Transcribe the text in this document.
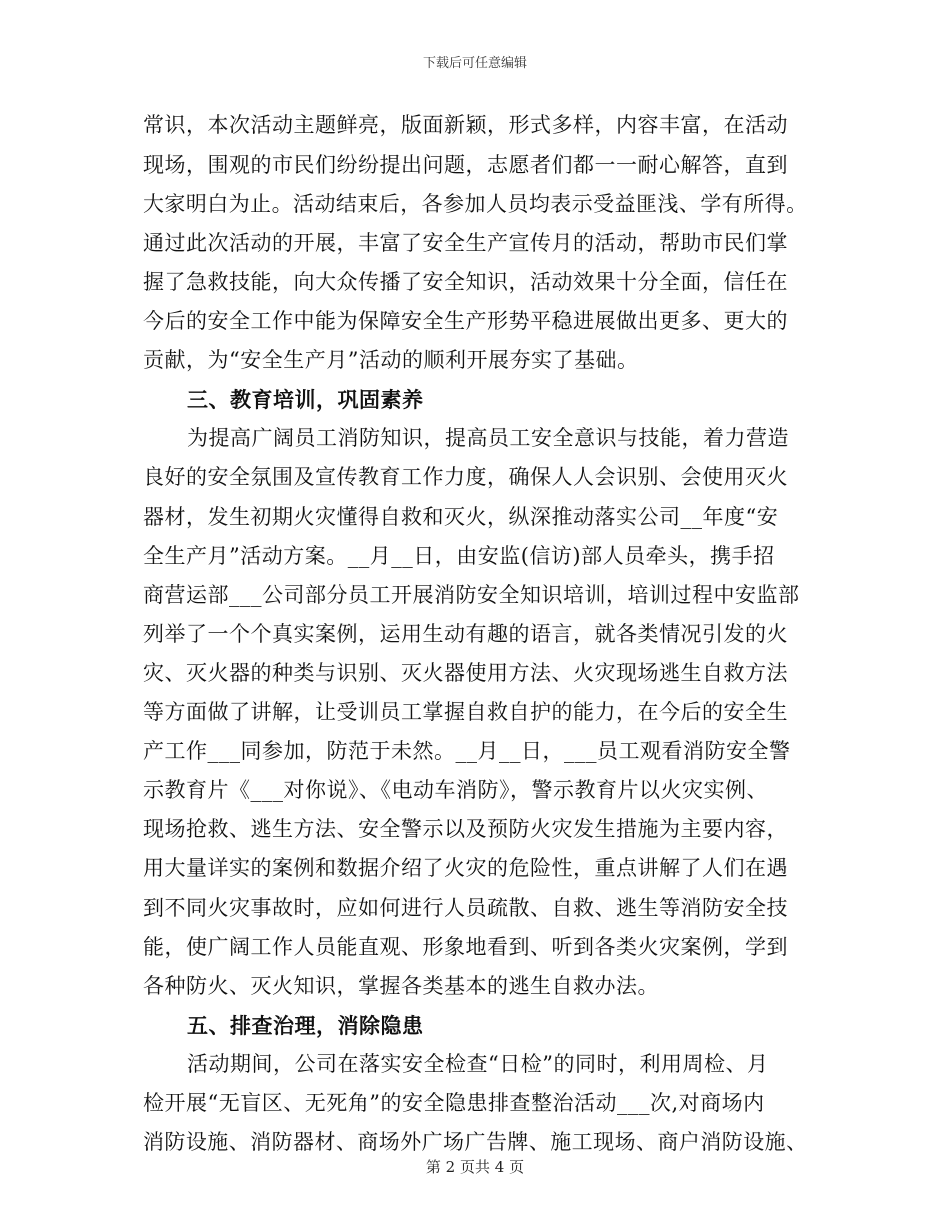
下载后可任意编辑
常识，本次活动主题鲜亮，版面新颖，形式多样，内容丰富，在活动
现场，围观的市民们纷纷提出问题，志愿者们都一一耐心解答，直到
大家明白为止。活动结束后，各参加人员均表示受益匪浅、学有所得。
通过此次活动的开展，丰富了安全生产宣传月的活动，帮助市民们掌
握了急救技能，向大众传播了安全知识，活动效果十分全面，信任在
今后的安全工作中能为保障安全生产形势平稳进展做出更多、更大的
贡献，为“安全生产月”活动的顺利开展夯实了基础。
三、教育培训，巩固素养
为提高广阔员工消防知识，提高员工安全意识与技能，着力营造
良好的安全氛围及宣传教育工作力度，确保人人会识别、会使用灭火
器材，发生初期火灾懂得自救和灭火，纵深推动落实公司__年度“安
全生产月”活动方案。__月__日，由安监(信访)部人员牵头，携手招
商营运部___公司部分员工开展消防安全知识培训，培训过程中安监部
列举了一个个真实案例，运用生动有趣的语言，就各类情况引发的火
灾、灭火器的种类与识别、灭火器使用方法、火灾现场逃生自救方法
等方面做了讲解，让受训员工掌握自救自护的能力，在今后的安全生
产工作___同参加，防范于未然。__月__日，___员工观看消防安全警
示教育片《___对你说》、《电动车消防》，警示教育片以火灾实例、
现场抢救、逃生方法、安全警示以及预防火灾发生措施为主要内容，
用大量详实的案例和数据介绍了火灾的危险性，重点讲解了人们在遇
到不同火灾事故时，应如何进行人员疏散、自救、逃生等消防安全技
能，使广阔工作人员能直观、形象地看到、听到各类火灾案例，学到
各种防火、灭火知识，掌握各类基本的逃生自救办法。
五、排查治理，消除隐患
活动期间，公司在落实安全检查“日检”的同时，利用周检、月
检开展“无盲区、无死角”的安全隐患排查整治活动___次,对商场内
消防设施、消防器材、商场外广场广告牌、施工现场、商户消防设施、
第 2 页共 4 页
